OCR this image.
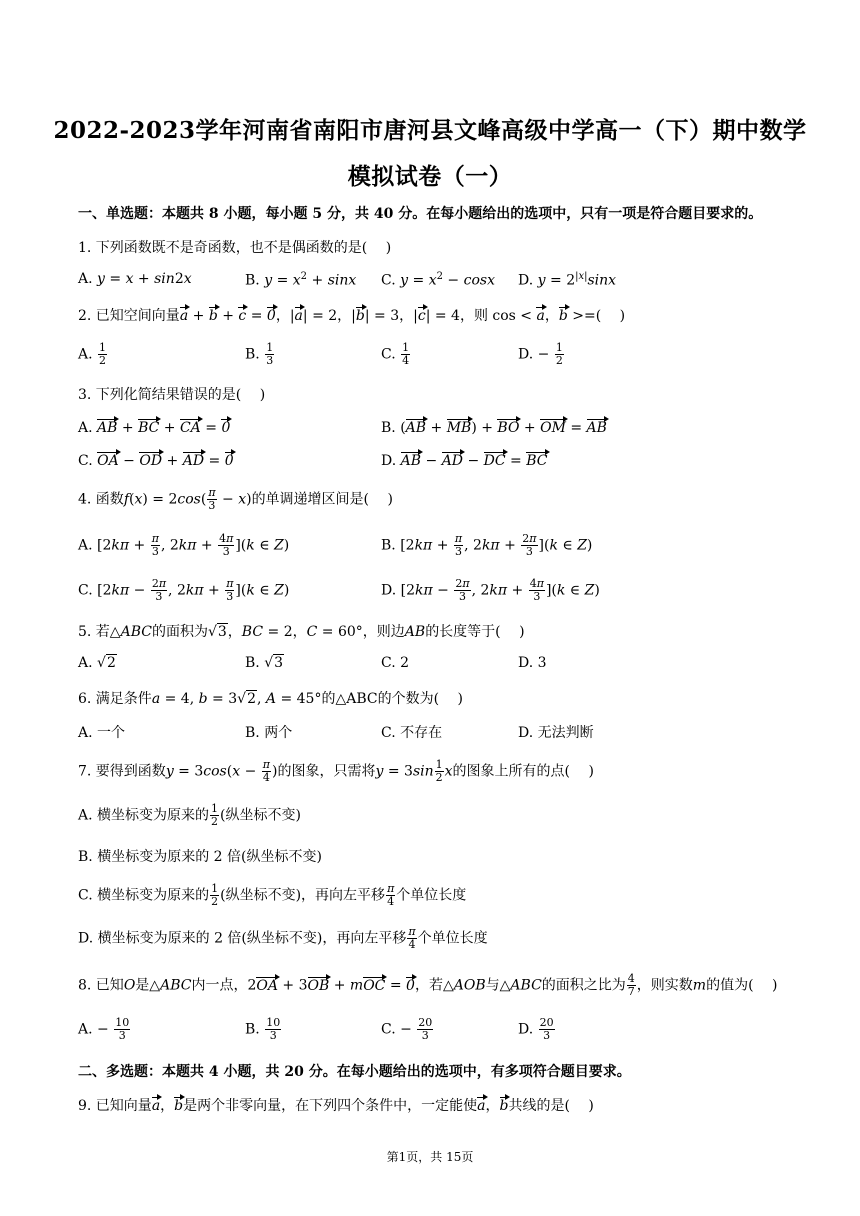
2022-2023学年河南省南阳市唐河县文峰高级中学高一（下）期中数学
模拟试卷（一）
一、单选题：本题共 8 小题，每小题 5 分，共 40 分。在每小题给出的选项中，只有一项是符合题目要求的。
1. 下列函数既不是奇函数，也不是偶函数的是(　 )
A. y = x + sin2x	B. $y = x^2 + \sin x$ C. $y = x^2 - \cos x$ D. $y = 2^{|x|}\sin x$
2. 已知空间向量a + b + c = 0，|a| = 2，|b| = 3，|c| = 4，则 cos < a，b >=(　 )
A. $\frac{1}{2}$	B. $\frac{1}{3}$	C. $\frac{1}{4}$	D. − $\frac{1}{2}$
3. 下列化简结果错误的是(　 )
A. AB + BC + CA = 0	B. (AB + MB) + BO + OM = AB
C. OA − OD + AD = 0	D. AB − AD − DC = BC
4. 函数$f(x) = 2\cos( \frac{\pi}{3} - x)$的单调递增区间是(　 )
A. [$2k\pi + \frac{\pi}{3}$ , $2k\pi + \frac{4\pi}{3} ](k$ ∈ Z)	B. [$2k\pi + \frac{\pi}{3}$ , $2k\pi + \frac{2\pi}{3} ](k$ ∈ Z)
C. [$2k\pi - \frac{2\pi}{3}$ , $2k\pi + \frac{\pi}{3} ](k$ ∈ Z)	D. [$2k\pi - \frac{2\pi}{3}$ , $2k\pi + \frac{4\pi}{3} ](k$ ∈ Z)
5. 若△ABC的面积为√3，BC = 2，C = 60°，则边AB的长度等于(　 )
A. √2	B. √3	C. 2	D. 3
6. 满足条件a = 4, b = 3√2, A = 45°的△ABC的个数为(　 )
A. 一个	B. 两个	C. 不存在	D. 无法判断
7. 要得到函数$y = 3\cos(x - \frac{\pi}{4}$ )的图象，只需将$y = 3\sin \frac{1}{2}$ x的图象上所有的点(　 )
A. 横坐标变为原来的 $\frac{1}{2}$ (纵坐标不变)
B. 横坐标变为原来的 2 倍(纵坐标不变)
C. 横坐标变为原来的 $\frac{1}{2}$ (纵坐标不变)，再向左平移 $\frac{\pi}{4}$ 个单位长度
D. 横坐标变为原来的 2 倍(纵坐标不变)，再向左平移 $\frac{\pi}{4}$ 个单位长度
8. 已知O是△ABC内一点，2OA + 3OB + mOC = 0，若△AOB与△ABC的面积之比为 $\frac{4}{7}$ ，则实数m的值为(　 )
A. − $\frac{10}{3}$	B. $\frac{10}{3}$	C. − $\frac{20}{3}$	D. $\frac{20}{3}$
二、多选题：本题共 4 小题，共 20 分。在每小题给出的选项中，有多项符合题目要求。
9. 已知向量a，b是两个非零向量，在下列四个条件中，一定能使a，b共线的是(　 )
第1页，共 15页
